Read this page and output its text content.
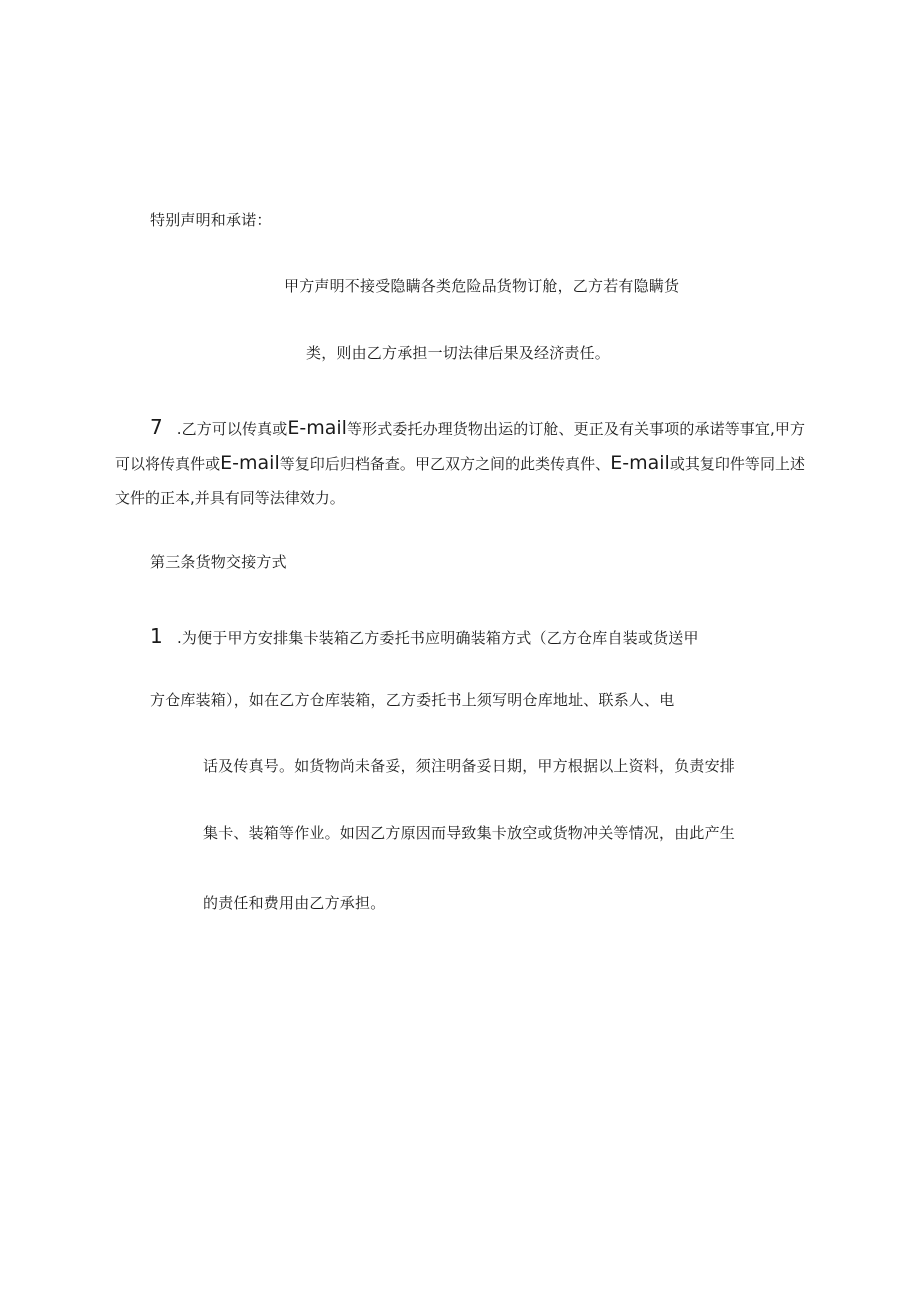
特别声明和承诺：
甲方声明不接受隐瞒各类危险品货物订舱，乙方若有隐瞒货
类，则由乙方承担一切法律后果及经济责任。
7 .乙方可以传真或E-mail等形式委托办理货物出运的订舱、更正及有关事项的承诺等事宜,甲方可以将传真件或E-mail等复印后归档备查。甲乙双方之间的此类传真件、E-mail或其复印件等同上述文件的正本,并具有同等法律效力。
第三条货物交接方式
1 .为便于甲方安排集卡装箱乙方委托书应明确装箱方式（乙方仓库自装或货送甲
方仓库装箱），如在乙方仓库装箱，乙方委托书上须写明仓库地址、联系人、电
话及传真号。如货物尚未备妥，须注明备妥日期，甲方根据以上资料，负责安排
集卡、装箱等作业。如因乙方原因而导致集卡放空或货物冲关等情况，由此产生
的责任和费用由乙方承担。
